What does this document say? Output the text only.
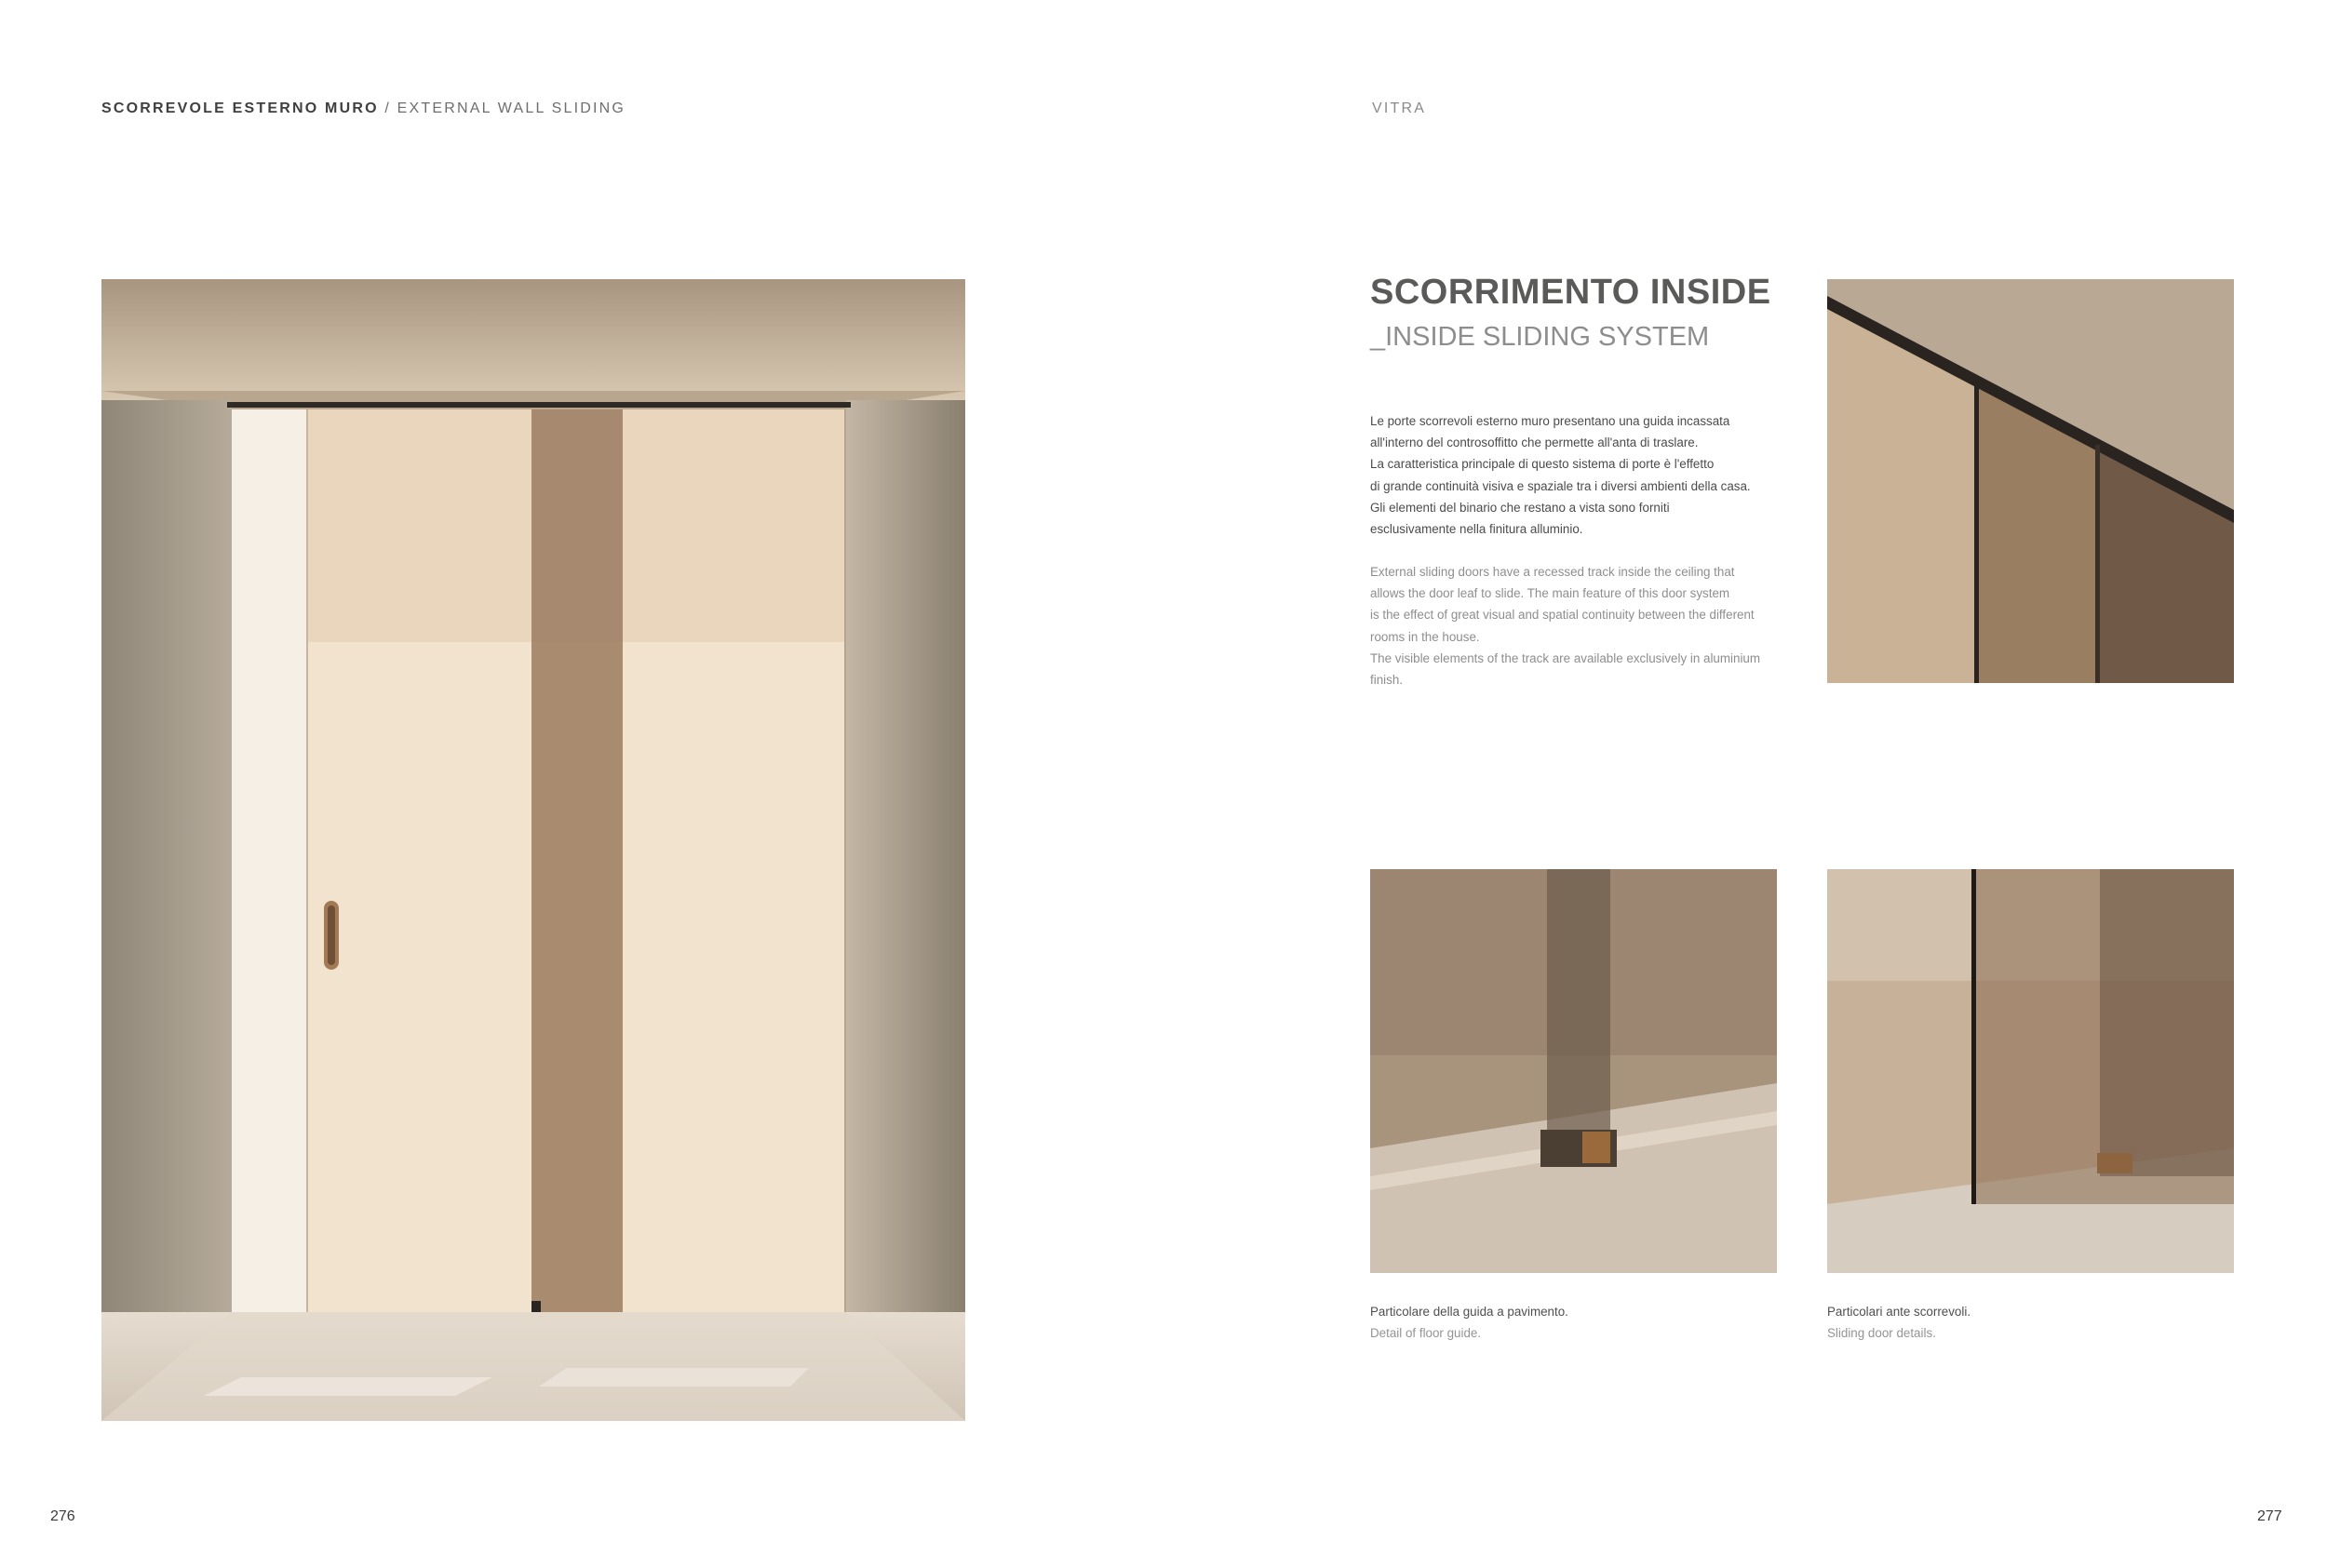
SCORREVOLE ESTERNO MURO / EXTERNAL WALL SLIDING	VITRA
SCORRIMENTO INSIDE
_INSIDE SLIDING SYSTEM
Le porte scorrevoli esterno muro presentano una guida incassata
all'interno del controsoffitto che permette all'anta di traslare.
La caratteristica principale di questo sistema di porte è l'effetto
di grande continuità visiva e spaziale tra i diversi ambienti della casa.
Gli elementi del binario che restano a vista sono forniti
esclusivamente nella finitura alluminio.
External sliding doors have a recessed track inside the ceiling that
allows the door leaf to slide. The main feature of this door system
is the effect of great visual and spatial continuity between the different
rooms in the house.
The visible elements of the track are available exclusively in aluminium
finish.
Particolare della guida a pavimento.
Detail of floor guide.
Particolari ante scorrevoli.
Sliding door details.
276	277
